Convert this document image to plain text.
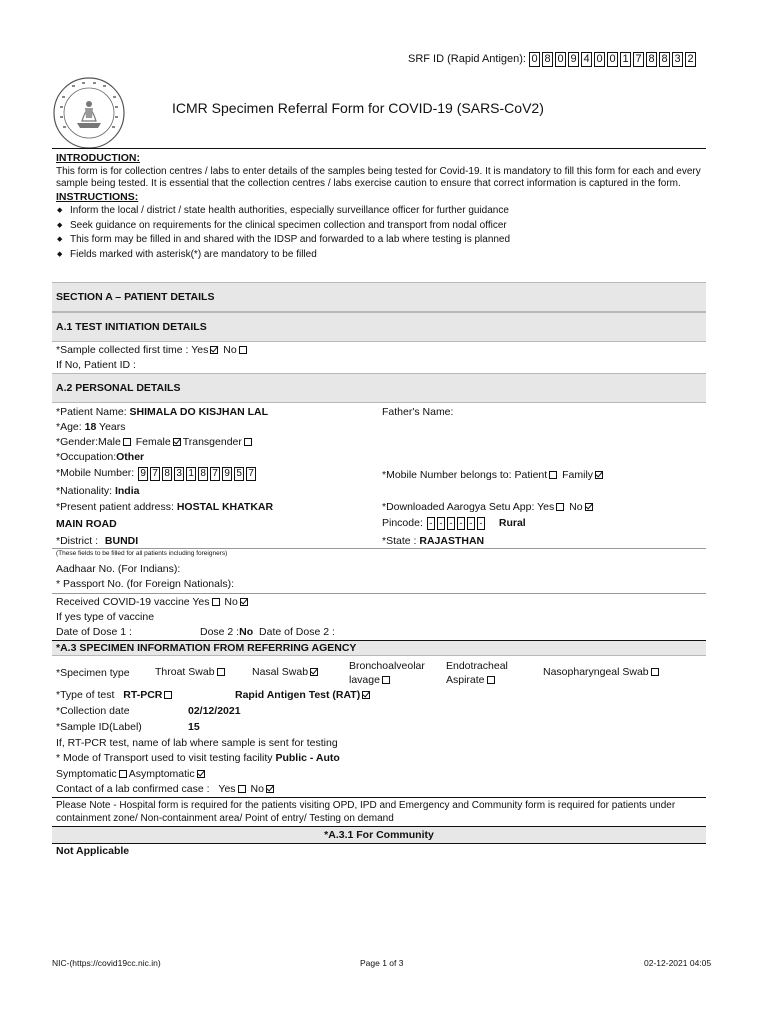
SRF ID (Rapid Antigen): 0 8 0 9 4 0 0 1 7 8 8 3 2
ICMR Specimen Referral Form for COVID-19 (SARS-CoV2)
INTRODUCTION:
This form is for collection centres / labs to enter details of the samples being tested for Covid-19. It is mandatory to fill this form for each and every sample being tested. It is essential that the collection centres / labs exercise caution to ensure that correct information is captured in the form.
INSTRUCTIONS:
◆ Inform the local / district / state health authorities, especially surveillance officer for further guidance
◆ Seek guidance on requirements for the clinical specimen collection and transport from nodal officer
◆ This form may be filled in and shared with the IDSP and forwarded to a lab where testing is planned
◆ Fields marked with asterisk(*) are mandatory to be filled
SECTION A – PATIENT DETAILS
A.1 TEST INITIATION DETAILS
*Sample collected first time : Yes No
If No, Patient ID :
A.2 PERSONAL DETAILS
*Patient Name: SHIMALA DO KISJHAN LAL	Father's Name:
*Age: 18 Years
*Gender:Male Female Transgender
*Occupation:Other
*Mobile Number: 9 7 8 3 1 8 7 9 5 7	*Mobile Number belongs to: Patient Family
*Nationality: India
*Present patient address: HOSTAL KHATKAR	*Downloaded Aarogya Setu App: Yes No
MAIN ROAD	Pincode: - - - - - - Rural
*District : BUNDI	*State : RAJASTHAN
(These fields to be filled for all patients including foreigners)
Aadhaar No. (For Indians):
* Passport No. (for Foreign Nationals):
Received COVID-19 vaccine Yes No
If yes type of vaccine
Date of Dose 1 :	Dose 2 :No Date of Dose 2 :
*A.3 SPECIMEN INFORMATION FROM REFERRING AGENCY
*Specimen type Throat Swab	Nasal Swab	Bronchoalveolar
lavage
Endotracheal
Aspirate
Nasopharyngeal Swab
*Type of test RT-PCR	Rapid Antigen Test (RAT)
*Collection date	02/12/2021
*Sample ID(Label)	15
If, RT-PCR test, name of lab where sample is sent for testing
* Mode of Transport used to visit testing facility Public - Auto
Symptomatic Asymptomatic
Contact of a lab confirmed case : Yes No
Please Note - Hospital form is required for the patients visiting OPD, IPD and Emergency and Community form is required for patients under containment zone/ Non-containment area/ Point of entry/ Testing on demand
*A.3.1 For Community
Not Applicable
NIC-(https://covid19cc.nic.in)	Page 1 of 3	02-12-2021 04:05
